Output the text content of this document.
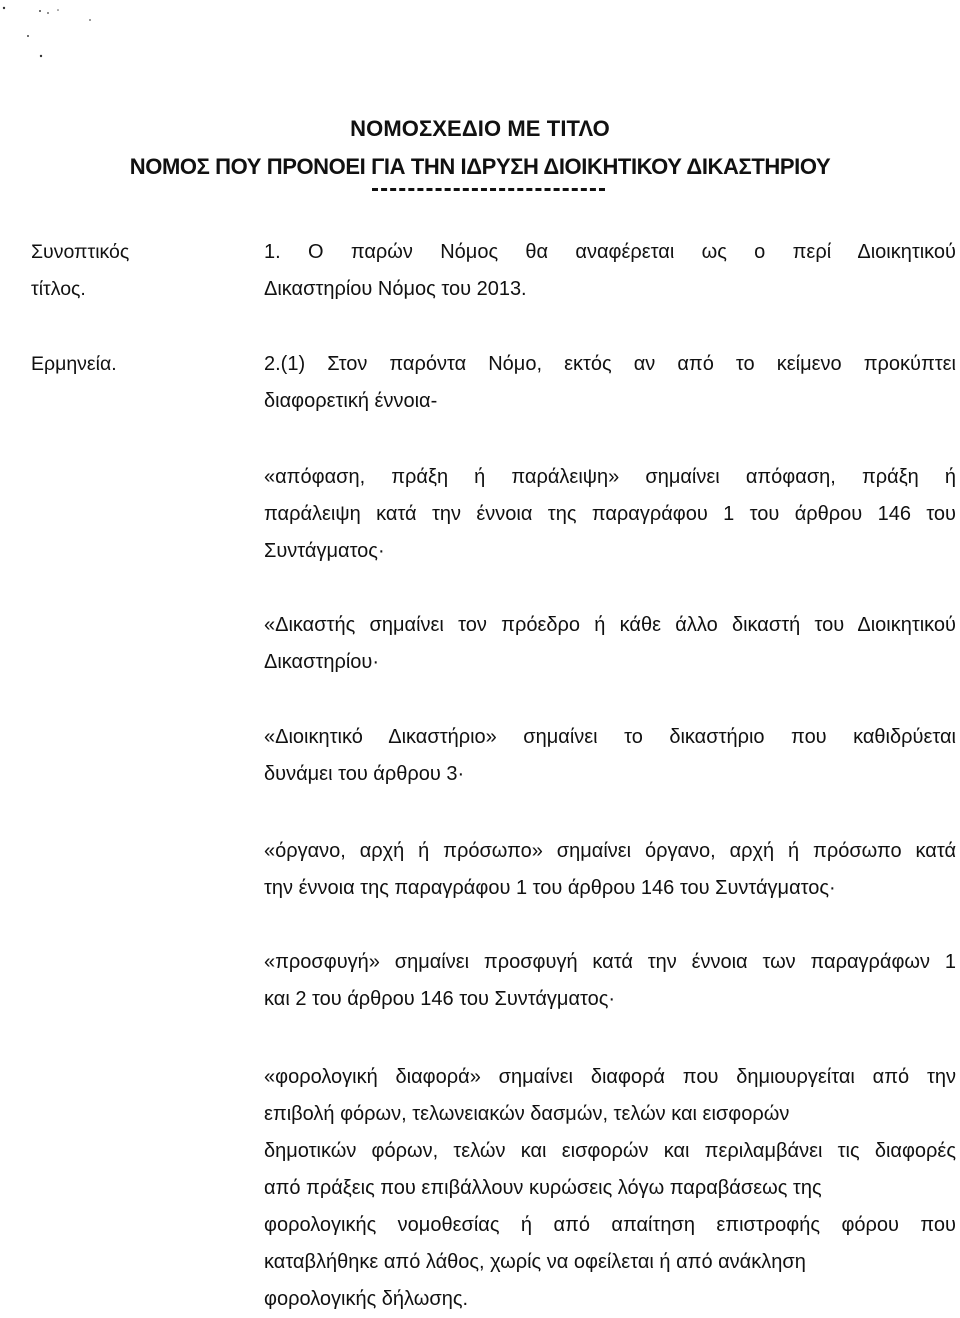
ΝΟΜΟΣΧΕΔΙΟ ΜΕ ΤΙΤΛΟ
ΝΟΜΟΣ ΠΟΥ ΠΡΟΝΟΕΙ ΓΙΑ ΤΗΝ ΙΔΡΥΣΗ ΔΙΟΙΚΗΤΙΚΟΥ ΔΙΚΑΣΤΗΡΙΟΥ
Συνοπτικός
τίτλος.
Ερμηνεία.
1. Ο παρών Νόμος θα αναφέρεται ως ο περί Διοικητικού
Δικαστηρίου Νόμος του 2013.
2.(1) Στον παρόντα Νόμο, εκτός αν από το κείμενο προκύπτει
διαφορετική έννοια-
«απόφαση, πράξη ή παράλειψη» σημαίνει απόφαση, πράξη ή
παράλειψη κατά την έννοια της παραγράφου 1 του άρθρου 146 του
Συντάγματος·
«Δικαστής σημαίνει τον πρόεδρο ή κάθε άλλο δικαστή του Διοικητικού
Δικαστηρίου·
«Διοικητικό Δικαστήριο» σημαίνει το δικαστήριο που καθιδρύεται
δυνάμει του άρθρου 3·
«όργανο, αρχή ή πρόσωπο» σημαίνει όργανο, αρχή ή πρόσωπο κατά
την έννοια της παραγράφου 1 του άρθρου 146 του Συντάγματος·
«προσφυγή» σημαίνει προσφυγή κατά την έννοια των παραγράφων 1
και 2 του άρθρου 146 του Συντάγματος·
«φορολογική διαφορά» σημαίνει διαφορά που δημιουργείται από την
επιβολή φόρων, τελωνειακών δασμών, τελών και εισφορών
δημοτικών φόρων, τελών και εισφορών και περιλαμβάνει τις διαφορές
από πράξεις που επιβάλλουν κυρώσεις λόγω παραβάσεως της
φορολογικής νομοθεσίας ή από απαίτηση επιστροφής φόρου που
καταβλήθηκε από λάθος, χωρίς να οφείλεται ή από ανάκληση
φορολογικής δήλωσης.
